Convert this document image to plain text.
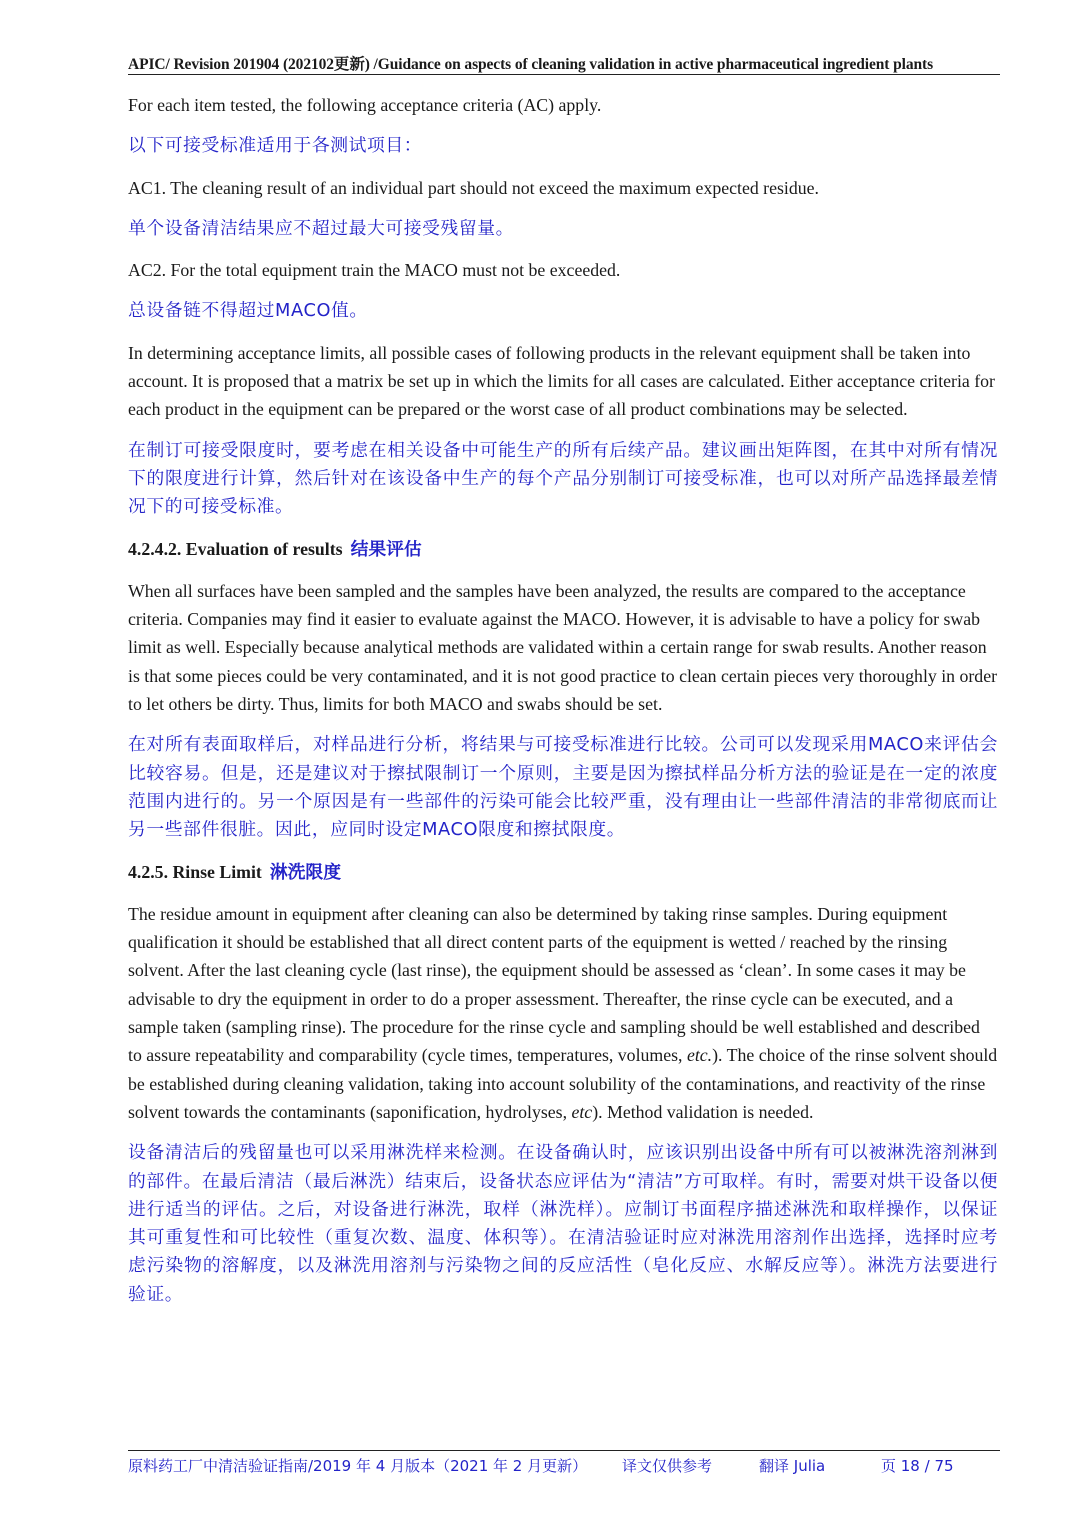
APIC/ Revision 201904 (202102更新) /Guidance on aspects of cleaning validation in active pharmaceutical ingredient plants

For each item tested, the following acceptance criteria (AC) apply.

以下可接受标准适用于各测试项目：

AC1. The cleaning result of an individual part should not exceed the maximum expected residue.

单个设备清洁结果应不超过最大可接受残留量。

AC2. For the total equipment train the MACO must not be exceeded.

总设备链不得超过MACO值。

In determining acceptance limits, all possible cases of following products in the relevant equipment shall be taken into account. It is proposed that a matrix be set up in which the limits for all cases are calculated. Either acceptance criteria for each product in the equipment can be prepared or the worst case of all product combinations may be selected.

在制订可接受限度时，要考虑在相关设备中可能生产的所有后续产品。建议画出矩阵图，在其中对所有情况下的限度进行计算，然后针对在该设备中生产的每个产品分别制订可接受标准，也可以对所产品选择最差情况下的可接受标准。

4.2.4.2. Evaluation of results 结果评估

When all surfaces have been sampled and the samples have been analyzed, the results are compared to the acceptance criteria. Companies may find it easier to evaluate against the MACO. However, it is advisable to have a policy for swab limit as well. Especially because analytical methods are validated within a certain range for swab results. Another reason is that some pieces could be very contaminated, and it is not good practice to clean certain pieces very thoroughly in order to let others be dirty. Thus, limits for both MACO and swabs should be set.

在对所有表面取样后，对样品进行分析，将结果与可接受标准进行比较。公司可以发现采用MACO来评估会比较容易。但是，还是建议对于擦拭限制订一个原则，主要是因为擦拭样品分析方法的验证是在一定的浓度范围内进行的。另一个原因是有一些部件的污染可能会比较严重，没有理由让一些部件清洁的非常彻底而让另一些部件很脏。因此，应同时设定MACO限度和擦拭限度。

4.2.5. Rinse Limit 淋洗限度

The residue amount in equipment after cleaning can also be determined by taking rinse samples. During equipment qualification it should be established that all direct content parts of the equipment is wetted / reached by the rinsing solvent. After the last cleaning cycle (last rinse), the equipment should be assessed as ‘clean’. In some cases it may be advisable to dry the equipment in order to do a proper assessment. Thereafter, the rinse cycle can be executed, and a sample taken (sampling rinse). The procedure for the rinse cycle and sampling should be well established and described to assure repeatability and comparability (cycle times, temperatures, volumes, etc.). The choice of the rinse solvent should be established during cleaning validation, taking into account solubility of the contaminations, and reactivity of the rinse solvent towards the contaminants (saponification, hydrolyses, etc). Method validation is needed.

设备清洁后的残留量也可以采用淋洗样来检测。在设备确认时，应该识别出设备中所有可以被淋洗溶剂淋到的部件。在最后清洁（最后淋洗）结束后，设备状态应评估为“清洁”方可取样。有时，需要对烘干设备以便进行适当的评估。之后，对设备进行淋洗，取样（淋洗样）。应制订书面程序描述淋洗和取样操作，以保证其可重复性和可比较性（重复次数、温度、体积等）。在清洁验证时应对淋洗用溶剂作出选择，选择时应考虑污染物的溶解度，以及淋洗用溶剂与污染物之间的反应活性（皂化反应、水解反应等）。淋洗方法要进行验证。

原料药工厂中清洁验证指南/2019 年 4 月版本（2021 年 2 月更新） 译文仅供参考	翻译 Julia	页 18 / 75
